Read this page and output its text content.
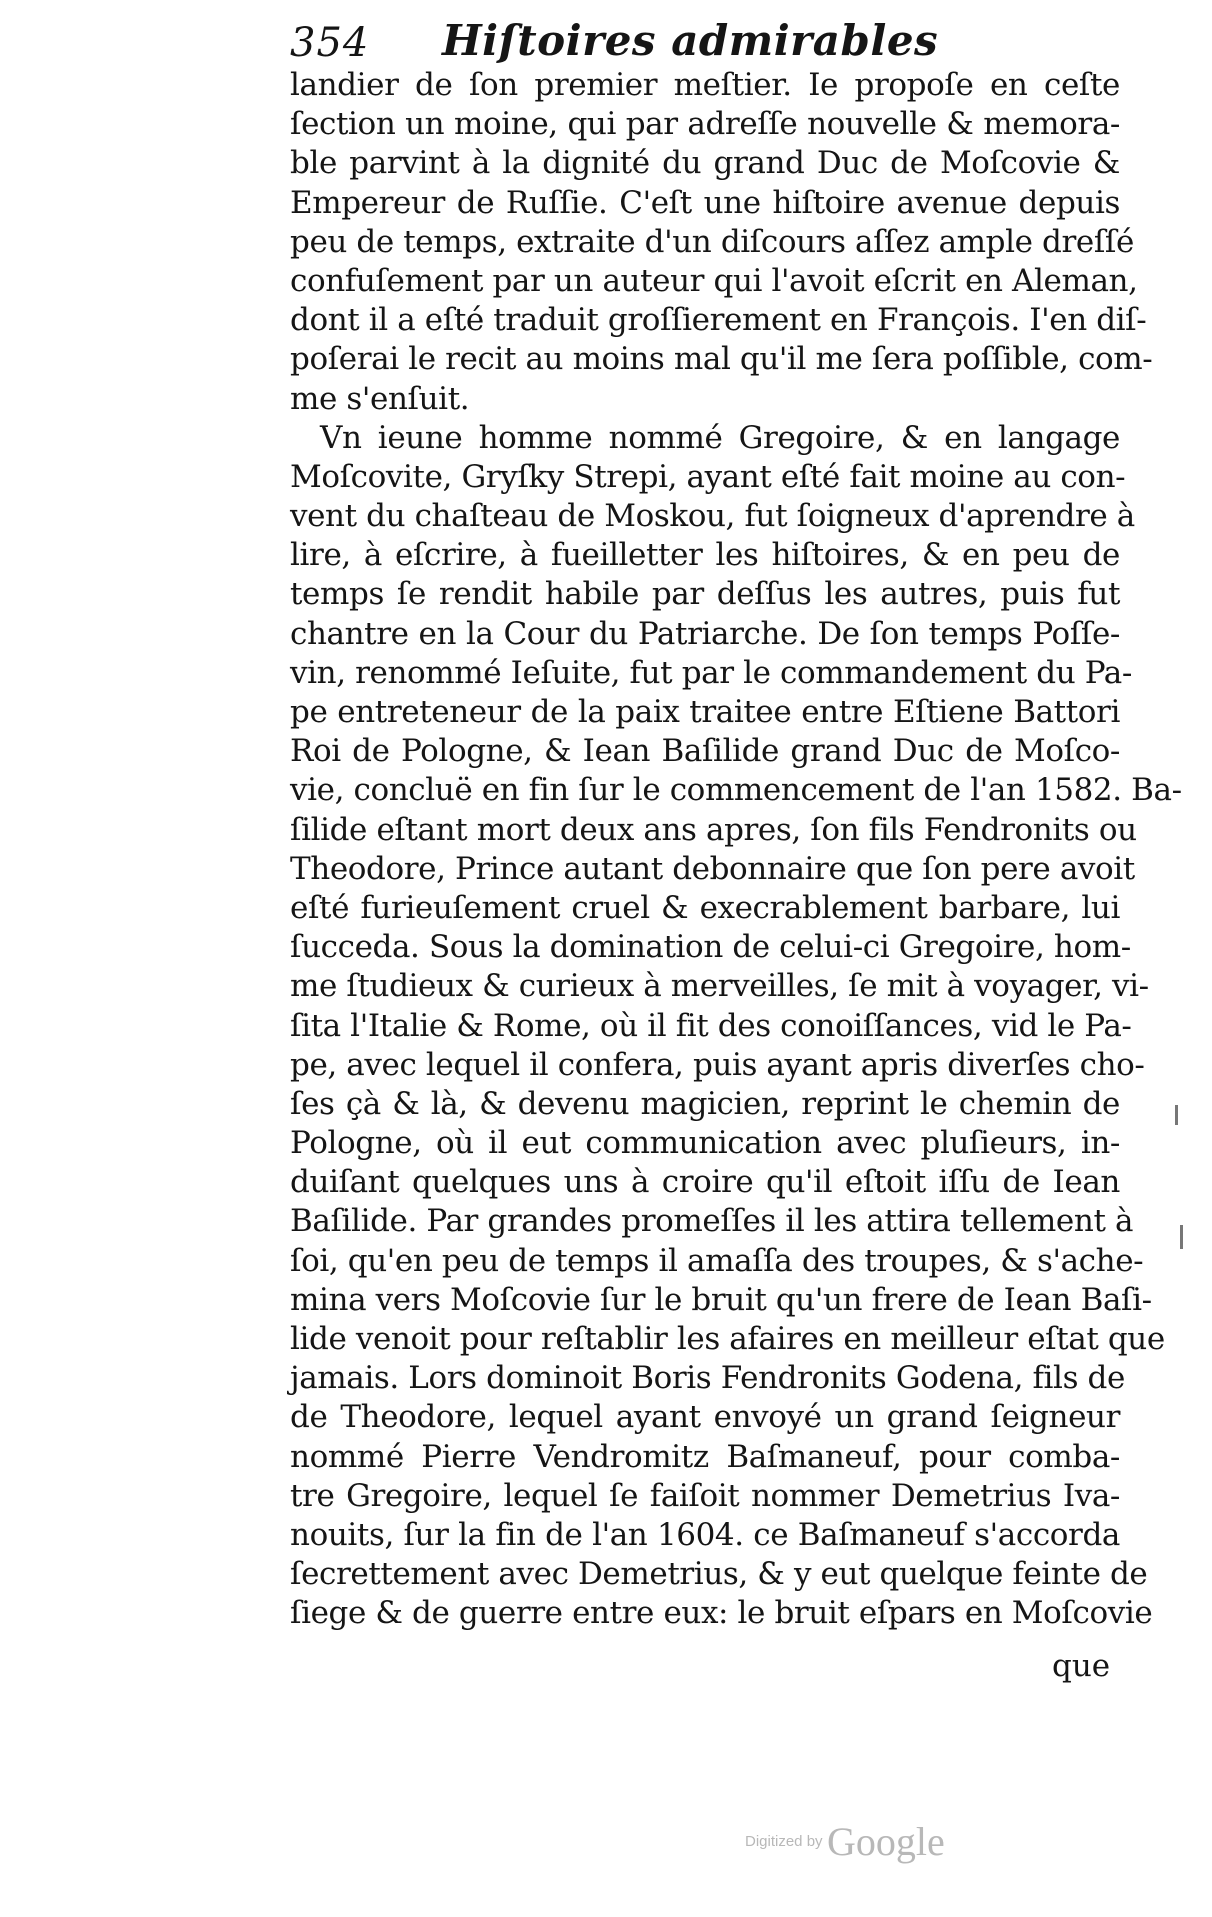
354 Hiſtoires admirables
landier de ſon premier meſtier. Ie propoſe en ceſte
ſection un moine, qui par adreſſe nouvelle & memora-
ble parvint à la dignité du grand Duc de Moſcovie &
Empereur de Ruſſie. C'eſt une hiſtoire avenue depuis
peu de temps, extraite d'un diſcours aſſez ample dreſſé
confuſement par un auteur qui l'avoit eſcrit en Aleman,
dont il a eſté traduit groſſierement en François. I'en diſ-
poſerai le recit au moins mal qu'il me ſera poſſible, com-
me s'enſuit.
Vn ieune homme nommé Gregoire, & en langage
Moſcovite, Gryſky Strepi, ayant eſté fait moine au con-
vent du chaſteau de Moskou, fut ſoigneux d'aprendre à
lire, à eſcrire, à fueilletter les hiſtoires, & en peu de
temps ſe rendit habile par deſſus les autres, puis fut
chantre en la Cour du Patriarche. De ſon temps Poſſe-
vin, renommé Ieſuite, fut par le commandement du Pa-
pe entreteneur de la paix traitee entre Eſtiene Battori
Roi de Pologne, & Iean Baſilide grand Duc de Moſco-
vie, concluë en fin ſur le commencement de l'an 1582. Ba-
ſilide eſtant mort deux ans apres, ſon fils Fendronits ou
Theodore, Prince autant debonnaire que ſon pere avoit
eſté furieuſement cruel & execrablement barbare, lui
ſucceda. Sous la domination de celui-ci Gregoire, hom-
me ſtudieux & curieux à merveilles, ſe mit à voyager, vi-
ſita l'Italie & Rome, où il fit des conoiſſances, vid le Pa-
pe, avec lequel il confera, puis ayant apris diverſes cho-
ſes çà & là, & devenu magicien, reprint le chemin de
Pologne, où il eut communication avec pluſieurs, in-
duiſant quelques uns à croire qu'il eſtoit iſſu de Iean
Baſilide. Par grandes promeſſes il les attira tellement à
ſoi, qu'en peu de temps il amaſſa des troupes, & s'ache-
mina vers Moſcovie ſur le bruit qu'un frere de Iean Baſi-
lide venoit pour reſtablir les afaires en meilleur eſtat que
jamais. Lors dominoit Boris Fendronits Godena, fils de
de Theodore, lequel ayant envoyé un grand ſeigneur
nommé Pierre Vendromitz Baſmaneuf, pour comba-
tre Gregoire, lequel ſe faiſoit nommer Demetrius Iva-
nouits, ſur la fin de l'an 1604. ce Baſmaneuf s'accorda
ſecrettement avec Demetrius, & y eut quelque feinte de
ſiege & de guerre entre eux: le bruit eſpars en Moſcovie
que
Digitized by Google
